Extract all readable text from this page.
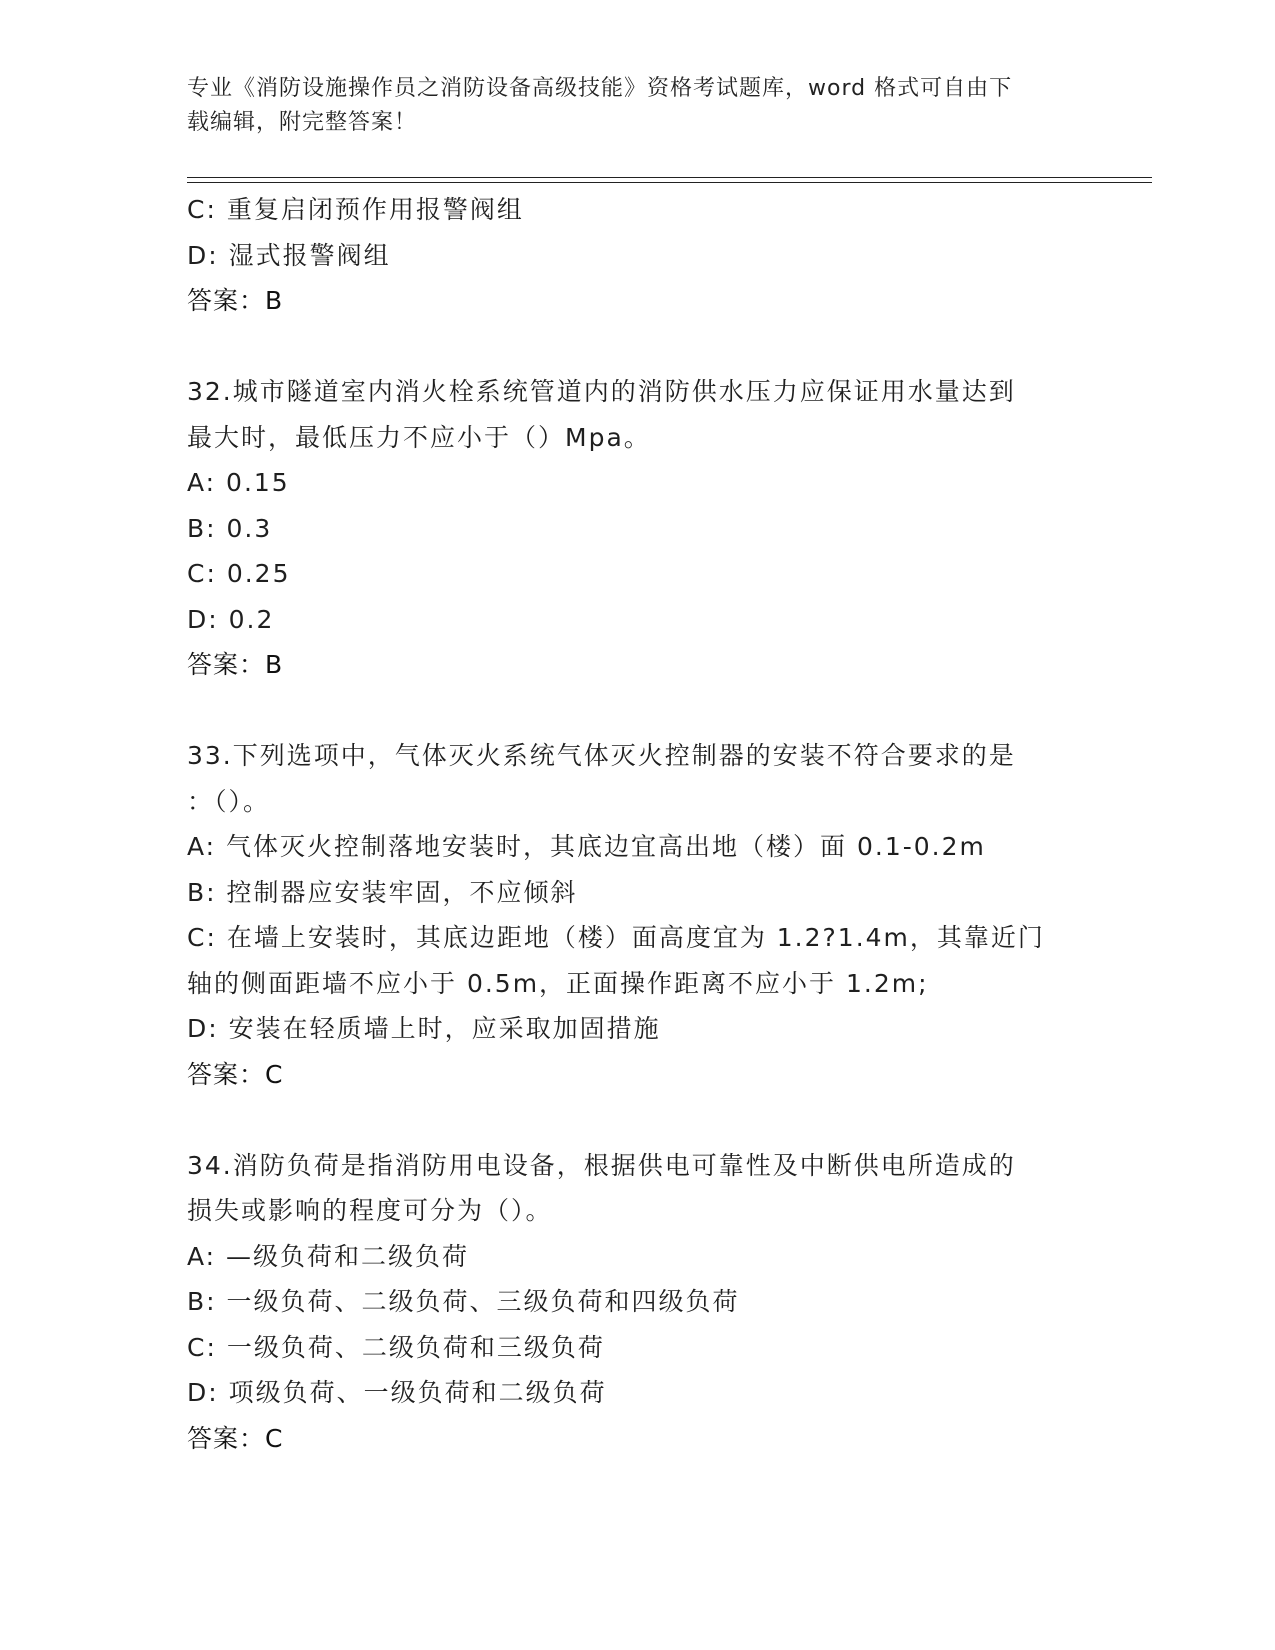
专业《消防设施操作员之消防设备高级技能》资格考试题库，word 格式可自由下
载编辑，附完整答案！
C: 重复启闭预作用报警阀组
D: 湿式报警阀组
答案：B
32.城市隧道室内消火栓系统管道内的消防供水压力应保证用水量达到
最大时，最低压力不应小于（）Mpa。
A: 0.15
B: 0.3
C: 0.25
D: 0.2
答案：B
33.下列选项中，气体灭火系统气体灭火控制器的安装不符合要求的是
：（）。
A: 气体灭火控制落地安装时，其底边宜高出地（楼）面 0.1-0.2m
B: 控制器应安装牢固，不应倾斜
C: 在墙上安装时，其底边距地（楼）面高度宜为 1.2?1.4m，其靠近门
轴的侧面距墙不应小于 0.5m，正面操作距离不应小于 1.2m;
D: 安装在轻质墙上时，应采取加固措施
答案：C
34.消防负荷是指消防用电设备，根据供电可靠性及中断供电所造成的
损失或影响的程度可分为（）。
A: —级负荷和二级负荷
B: 一级负荷、二级负荷、三级负荷和四级负荷
C: 一级负荷、二级负荷和三级负荷
D: 项级负荷、一级负荷和二级负荷
答案：C
